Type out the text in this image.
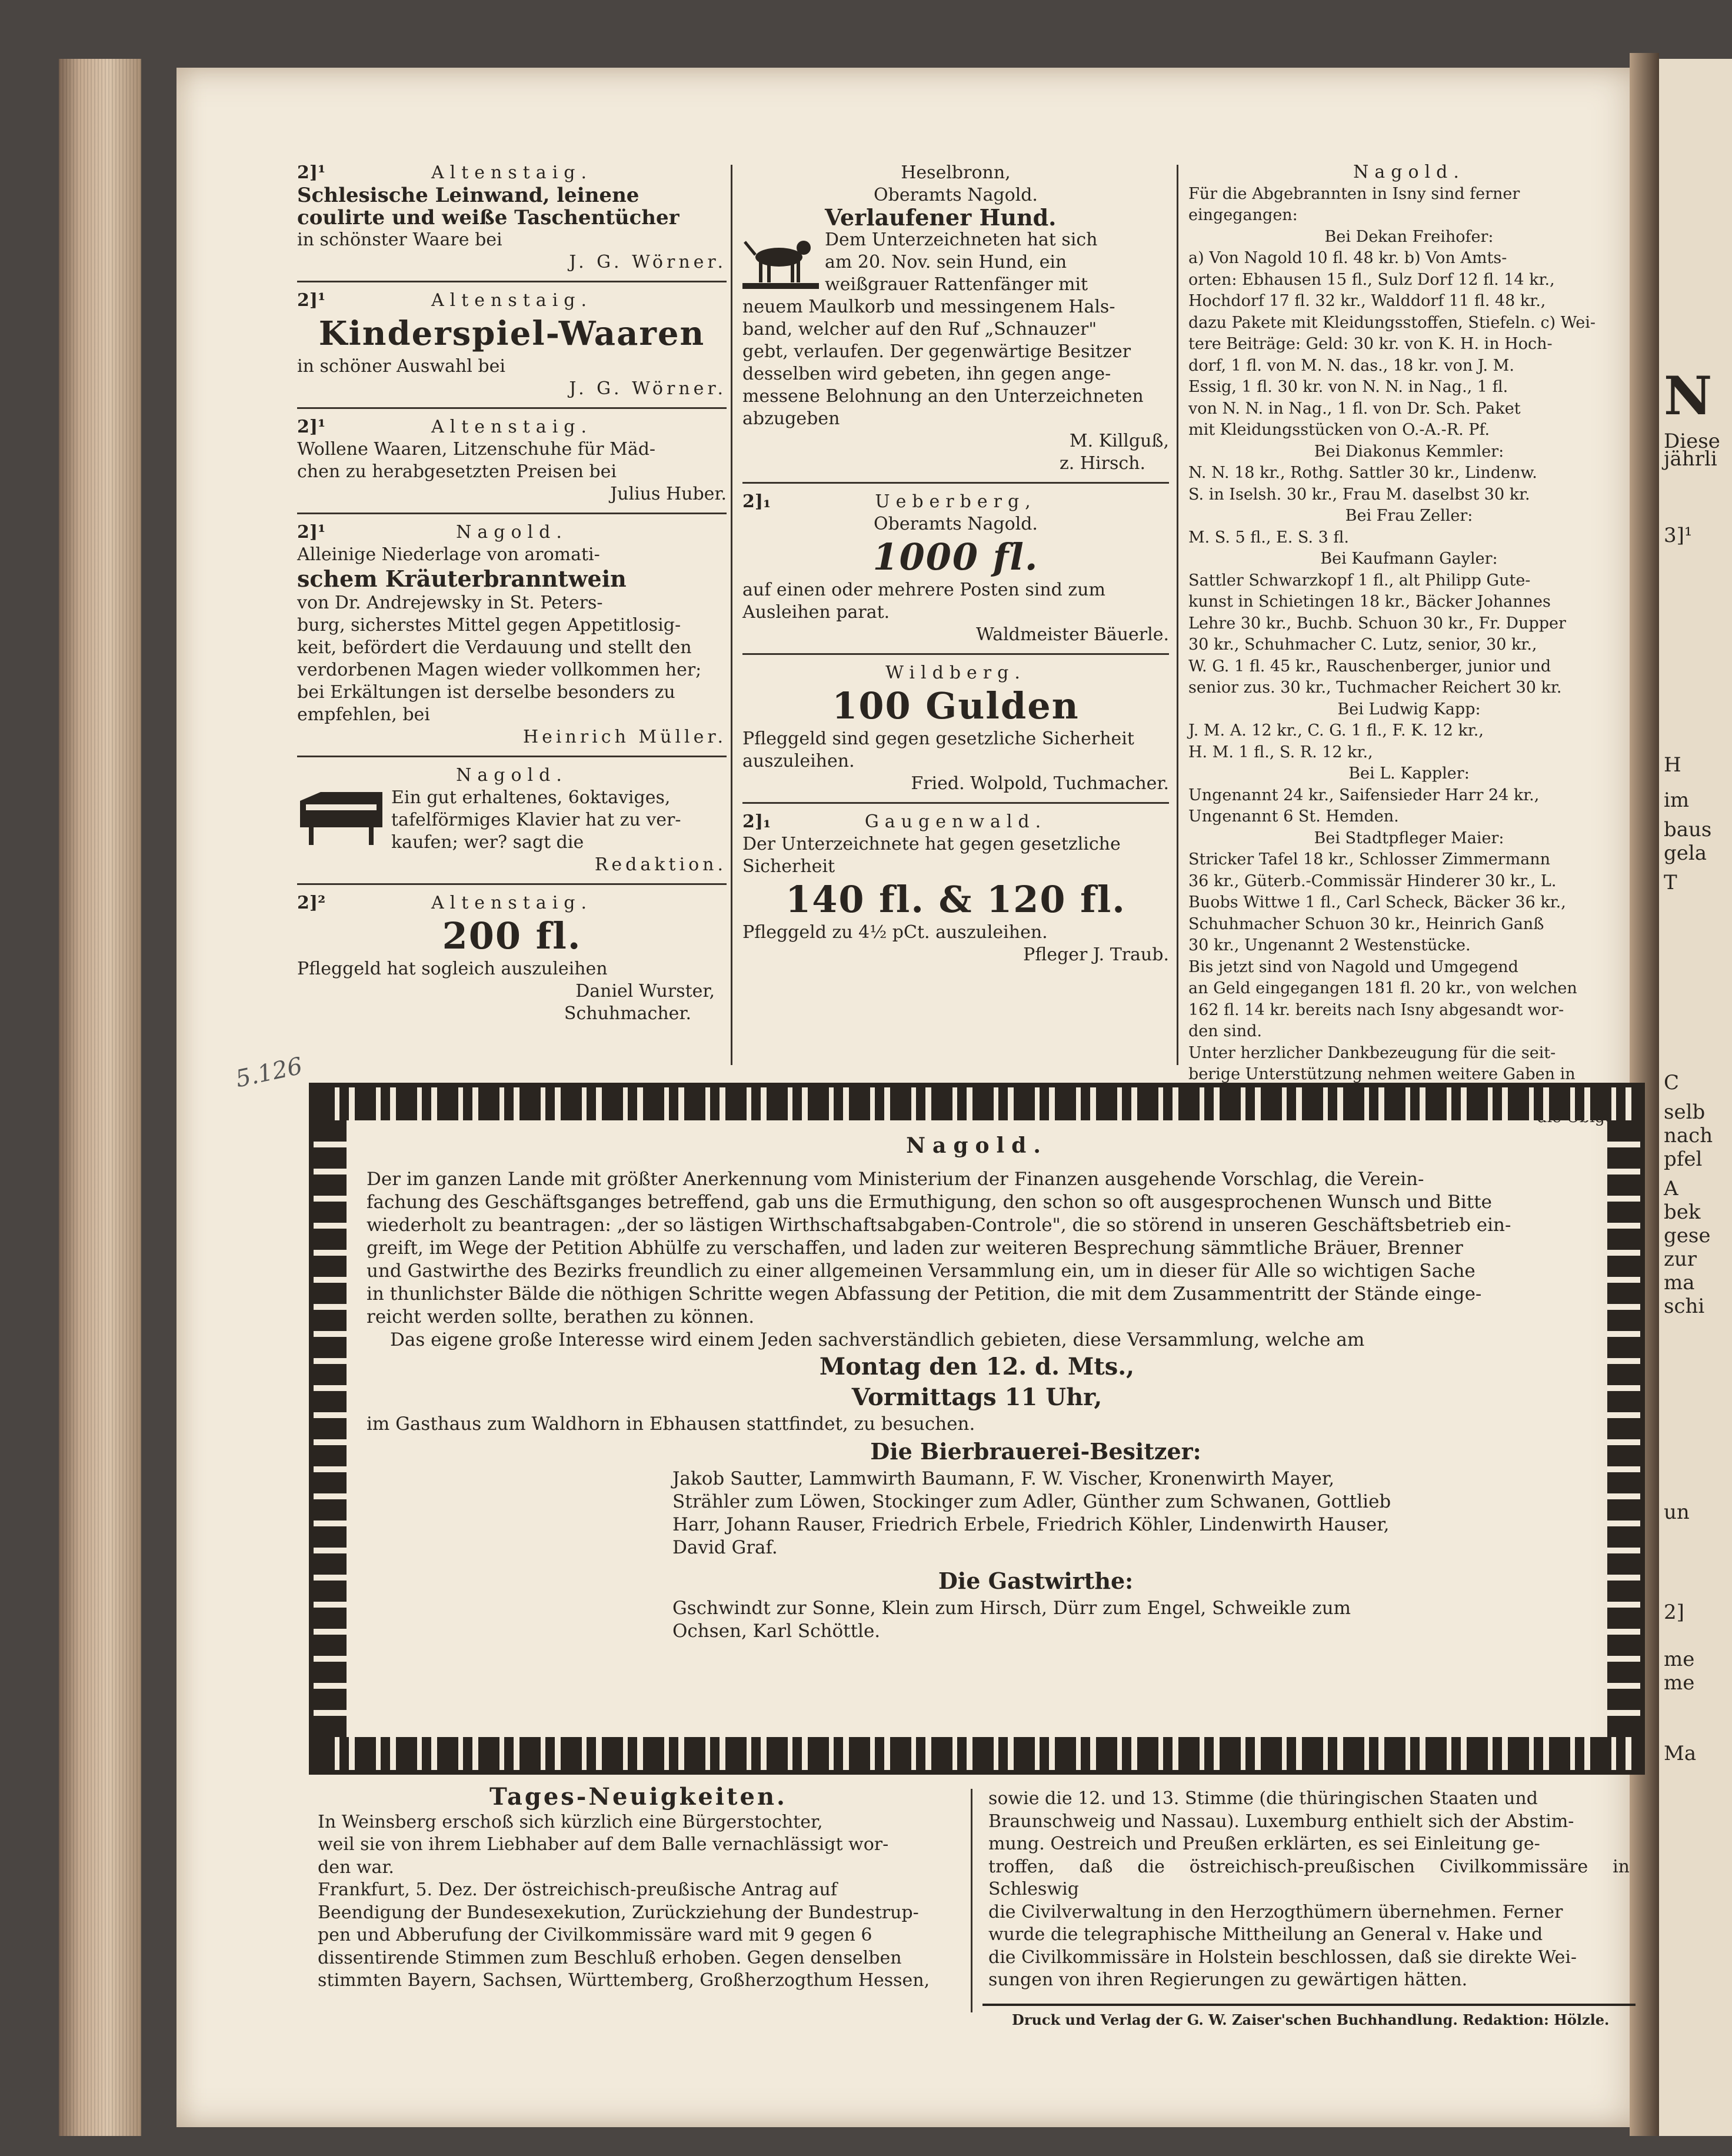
N
Diese
jährli
3]¹
H
im
baus
gela
T
C
selb
nach
pfel
A
bek
gese
zur
ma
schi
un
2]
me
me
Ma
5.126
2]¹	Altenstaig.
Schlesische Leinwand, leinene
coulirte und weiße Taschentücher
in schönster Waare bei
J. G. Wörner.
2]¹	Altenstaig.
Kinderspiel-Waaren
in schöner Auswahl bei
J. G. Wörner.
2]¹	Altenstaig.
Wollene Waaren, Litzenschuhe für Mäd-
chen zu herabgesetzten Preisen bei
Julius Huber.
2]¹	Nagold.
Alleinige Niederlage von aromati-
schem Kräuterbranntwein
von Dr. Andrejewsky in St. Peters-
burg, sicherstes Mittel gegen Appetitlosig-
keit, befördert die Verdauung und stellt den
verdorbenen Magen wieder vollkommen her;
bei Erkältungen ist derselbe besonders zu
empfehlen, bei
Heinrich Müller.
Nagold.
Ein gut erhaltenes, 6oktaviges,
tafelförmiges Klavier hat zu ver-
kaufen; wer? sagt die
Redaktion.
2]²	Altenstaig.
200 fl.
Pfleggeld hat sogleich auszuleihen
Daniel Wurster,
Schuhmacher.
Heselbronn,
Oberamts Nagold.
Verlaufener Hund.
Dem Unterzeichneten hat sich
am 20. Nov. sein Hund, ein
weißgrauer Rattenfänger mit
neuem Maulkorb und messingenem Hals-
band, welcher auf den Ruf „Schnauzer"
gebt, verlaufen. Der gegenwärtige Besitzer
desselben wird gebeten, ihn gegen ange-
messene Belohnung an den Unterzeichneten
abzugeben
M. Killguß,
z. Hirsch.
2]₁	Ueberberg,
Oberamts Nagold.
1000 fl.
auf einen oder mehrere Posten sind zum
Ausleihen parat.
Waldmeister Bäuerle.
Wildberg.
100 Gulden
Pfleggeld sind gegen gesetzliche Sicherheit
auszuleihen.
Fried. Wolpold, Tuchmacher.
2]₁	Gaugenwald.
Der Unterzeichnete hat gegen gesetzliche
Sicherheit
140 fl. & 120 fl.
Pfleggeld zu 4½ pCt. auszuleihen.
Pfleger J. Traub.
Nagold.
Für die Abgebrannten in Isny sind ferner
eingegangen:
Bei Dekan Freihofer:
a) Von Nagold 10 fl. 48 kr. b) Von Amts-
orten: Ebhausen 15 fl., Sulz Dorf 12 fl. 14 kr.,
Hochdorf 17 fl. 32 kr., Walddorf 11 fl. 48 kr.,
dazu Pakete mit Kleidungsstoffen, Stiefeln. c) Wei-
tere Beiträge: Geld: 30 kr. von K. H. in Hoch-
dorf, 1 fl. von M. N. das., 18 kr. von J. M.
Essig, 1 fl. 30 kr. von N. N. in Nag., 1 fl.
von N. N. in Nag., 1 fl. von Dr. Sch. Paket
mit Kleidungsstücken von O.-A.-R. Pf.
Bei Diakonus Kemmler:
N. N. 18 kr., Rothg. Sattler 30 kr., Lindenw.
S. in Iselsh. 30 kr., Frau M. daselbst 30 kr.
Bei Frau Zeller:
M. S. 5 fl., E. S. 3 fl.
Bei Kaufmann Gayler:
Sattler Schwarzkopf 1 fl., alt Philipp Gute-
kunst in Schietingen 18 kr., Bäcker Johannes
Lehre 30 kr., Buchb. Schuon 30 kr., Fr. Dupper
30 kr., Schuhmacher C. Lutz, senior, 30 kr.,
W. G. 1 fl. 45 kr., Rauschenberger, junior und
senior zus. 30 kr., Tuchmacher Reichert 30 kr.
Bei Ludwig Kapp:
J. M. A. 12 kr., C. G. 1 fl., F. K. 12 kr.,
H. M. 1 fl., S. R. 12 kr.,
Bei L. Kappler:
Ungenannt 24 kr., Saifensieder Harr 24 kr.,
Ungenannt 6 St. Hemden.
Bei Stadtpfleger Maier:
Stricker Tafel 18 kr., Schlosser Zimmermann
36 kr., Güterb.-Commissär Hinderer 30 kr., L.
Buobs Wittwe 1 fl., Carl Scheck, Bäcker 36 kr.,
Schuhmacher Schuon 30 kr., Heinrich Ganß
30 kr., Ungenannt 2 Westenstücke.
Bis jetzt sind von Nagold und Umgegend
an Geld eingegangen 181 fl. 20 kr., von welchen
162 fl. 14 kr. bereits nach Isny abgesandt wor-
den sind.
Unter herzlicher Dankbezeugung für die seit-
berige Unterstützung nehmen weitere Gaben in
Nagold.
Der im ganzen Lande mit größter Anerkennung vom Ministerium der Finanzen ausgehende Vorschlag, die Verein-
fachung des Geschäftsganges betreffend, gab uns die Ermuthigung, den schon so oft ausgesprochenen Wunsch und Bitte
wiederholt zu beantragen: „der so lästigen Wirthschaftsabgaben-Controle", die so störend in unseren Geschäftsbetrieb ein-
greift, im Wege der Petition Abhülfe zu verschaffen, und laden zur weiteren Besprechung sämmtliche Bräuer, Brenner
und Gastwirthe des Bezirks freundlich zu einer allgemeinen Versammlung ein, um in dieser für Alle so wichtigen Sache
in thunlichster Bälde die nöthigen Schritte wegen Abfassung der Petition, die mit dem Zusammentritt der Stände einge-
reicht werden sollte, berathen zu können.
Das eigene große Interesse wird einem Jeden sachverständlich gebieten, diese Versammlung, welche am
Montag den 12. d. Mts.,
Vormittags 11 Uhr,
im Gasthaus zum Waldhorn in Ebhausen stattfindet, zu besuchen.
Die Bierbrauerei-Besitzer:
Jakob Sautter, Lammwirth Baumann, F. W. Vischer, Kronenwirth Mayer,
Strähler zum Löwen, Stockinger zum Adler, Günther zum Schwanen, Gottlieb
Harr, Johann Rauser, Friedrich Erbele, Friedrich Köhler, Lindenwirth Hauser,
David Graf.
Die Gastwirthe:
Gschwindt zur Sonne, Klein zum Hirsch, Dürr zum Engel, Schweikle zum
Ochsen, Karl Schöttle.
Tages-Neuigkeiten.
In Weinsberg erschoß sich kürzlich eine Bürgerstochter,
weil sie von ihrem Liebhaber auf dem Balle vernachlässigt wor-
den war.
Frankfurt, 5. Dez. Der östreichisch-preußische Antrag auf
Beendigung der Bundesexekution, Zurückziehung der Bundestrup-
pen und Abberufung der Civilkommissäre ward mit 9 gegen 6
dissentirende Stimmen zum Beschluß erhoben. Gegen denselben
stimmten Bayern, Sachsen, Württemberg, Großherzogthum Hessen,
sowie die 12. und 13. Stimme (die thüringischen Staaten und
Braunschweig und Nassau). Luxemburg enthielt sich der Abstim-
mung. Oestreich und Preußen erklärten, es sei Einleitung ge-
troffen, daß die östreichisch-preußischen Civilkommissäre in Schleswig
die Civilverwaltung in den Herzogthümern übernehmen. Ferner
wurde die telegraphische Mittheilung an General v. Hake und
die Civilkommissäre in Holstein beschlossen, daß sie direkte Wei-
sungen von ihren Regierungen zu gewärtigen hätten.
Druck und Verlag der G. W. Zaiser'schen Buchhandlung. Redaktion: Hölzle.
